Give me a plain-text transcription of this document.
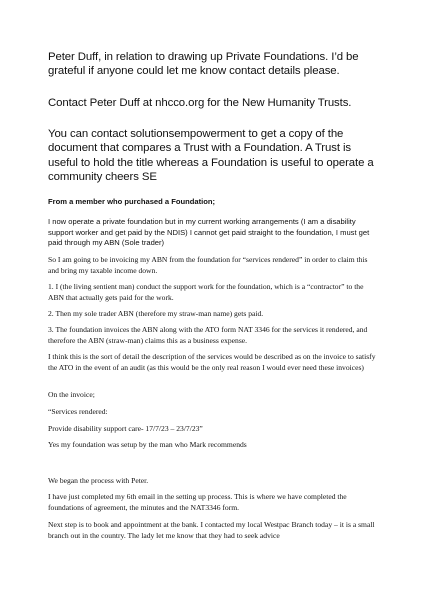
Peter Duff, in relation to drawing up Private Foundations. I’d be grateful if anyone could let me know contact details please.

Contact Peter Duff at nhcco.org for the New Humanity Trusts.

You can contact solutionsempowerment to get a copy of the document that compares a Trust with a Foundation. A Trust is useful to hold the title whereas a Foundation is useful to operate a community cheers SE

From a member who purchased a Foundation;

I now operate a private foundation but in my current working arrangements (I am a disability support worker and get paid by the NDIS) I cannot get paid straight to the foundation, I must get paid through my ABN (Sole trader)

So I am going to be invoicing my ABN from the foundation for “services rendered” in order to claim this and bring my taxable income down.

1. I (the living sentient man) conduct the support work for the foundation, which is a “contractor” to the ABN that actually gets paid for the work.

2. Then my sole trader ABN (therefore my straw-man name) gets paid.

3. The foundation invoices the ABN along with the ATO form NAT 3346 for the services it rendered, and therefore the ABN (straw-man) claims this as a business expense.

I think this is the sort of detail the description of the services would be described as on the invoice to satisfy the ATO in the event of an audit (as this would be the only real reason I would ever need these invoices)

On the invoice;

“Services rendered:

Provide disability support care- 17/7/23 – 23/7/23”

Yes my foundation was setup by the man who Mark recommends

We began the process with Peter.

I have just completed my 6th email in the setting up process. This is where we have completed the foundations of agreement, the minutes and the NAT3346 form.

Next step is to book and appointment at the bank. I contacted my local Westpac Branch today – it is a small branch out in the country. The lady let me know that they had to seek advice
